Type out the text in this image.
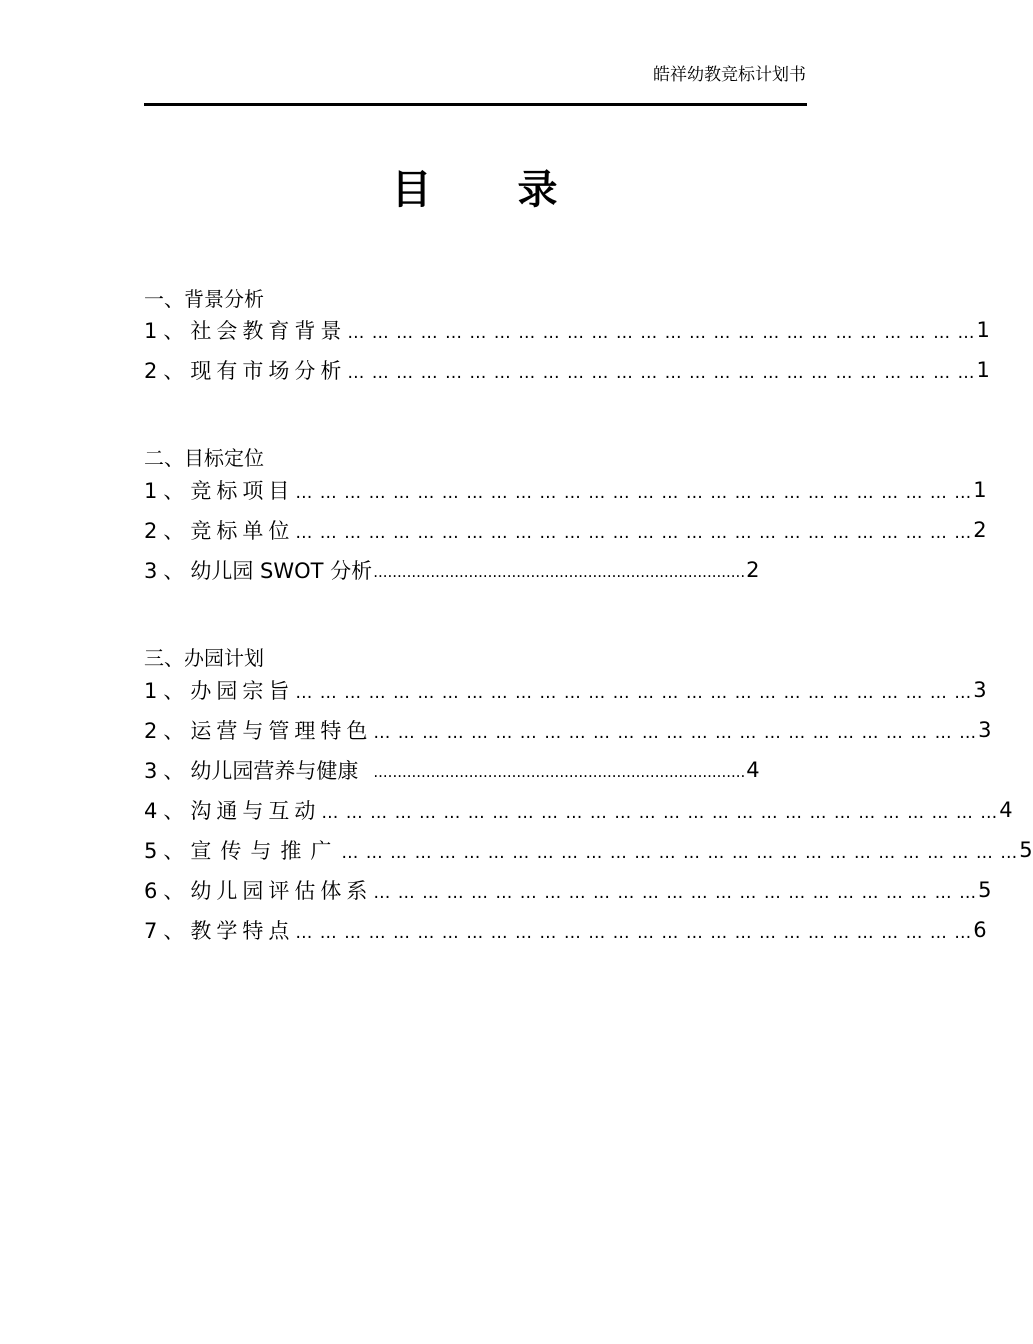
皓祥幼教竞标计划书
目　　录
一、背景分析
1、 社会教育背景 … … … … … … … … … … … … … … … … … … … … … … … … … … 1
2、 现有市场分析 … … … … … … … … … … … … … … … … … … … … … … … … … … 1
二、目标定位
1、 竞标项目 … … … … … … … … … … … … … … … … … … … … … … … … … … … … 1
2、 竞标单位 … … … … … … … … … … … … … … … … … … … … … … … … … … … … 2
3、 幼儿园 SWOT 分析 .............................................................................. 2
三、办园计划
1、 办园宗旨 … … … … … … … … … … … … … … … … … … … … … … … … … … … … 3
2、 运营与管理特色 … … … … … … … … … … … … … … … … … … … … … … … … … 3
3、 幼儿园营养与健康 .............................................................................. 4
4、 沟通与互动 … … … … … … … … … … … … … … … … … … … … … … … … … … … … 4
5、 宣传与推广 … … … … … … … … … … … … … … … … … … … … … … … … … … … … 5
6、 幼儿园评估体系 … … … … … … … … … … … … … … … … … … … … … … … … … 5
7、 教学特点 … … … … … … … … … … … … … … … … … … … … … … … … … … … … 6
